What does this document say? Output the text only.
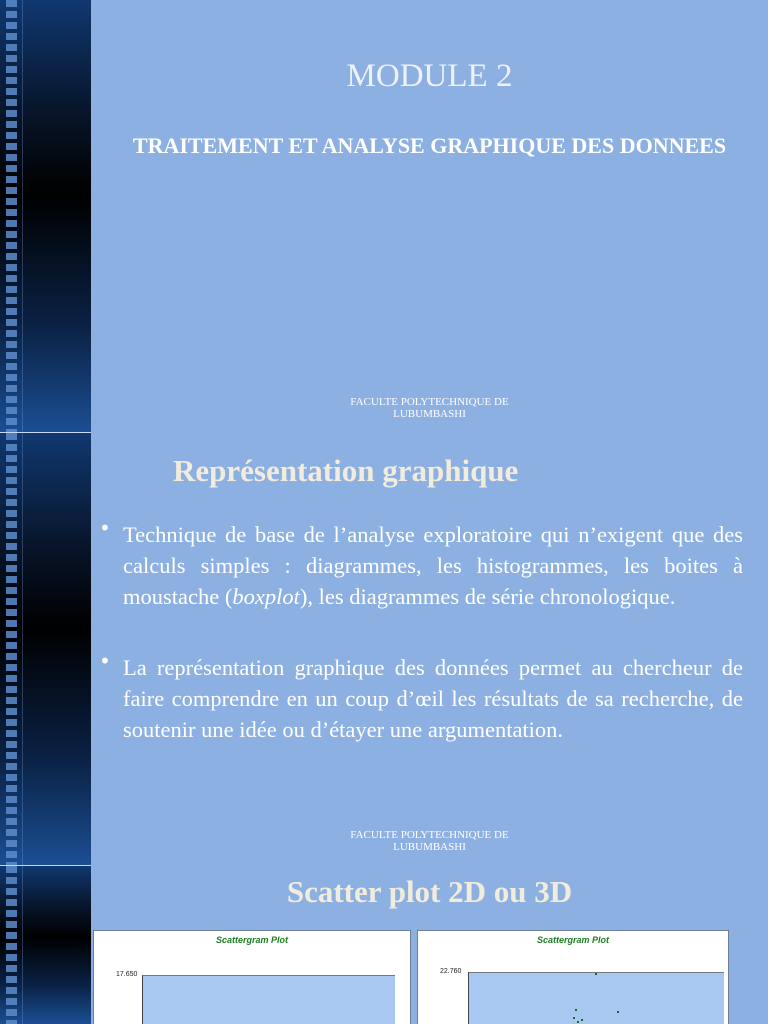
MODULE 2
TRAITEMENT ET ANALYSE GRAPHIQUE DES DONNEES
FACULTE POLYTECHNIQUE DE
LUBUMBASHI
Représentation graphique
• Technique de base de l’analyse exploratoire qui n’exigent que des calculs simples : diagrammes, les histogrammes, les boites à moustache (boxplot), les diagrammes de série chronologique.

• La représentation graphique des données permet au chercheur de faire comprendre en un coup d’œil les résultats de sa recherche, de soutenir une idée ou d’étayer une argumentation.

FACULTE POLYTECHNIQUE DE
LUBUMBASHI
Scatter plot 2D ou 3D
Scattergram Plot
17.650
Scattergram Plot
22.760
